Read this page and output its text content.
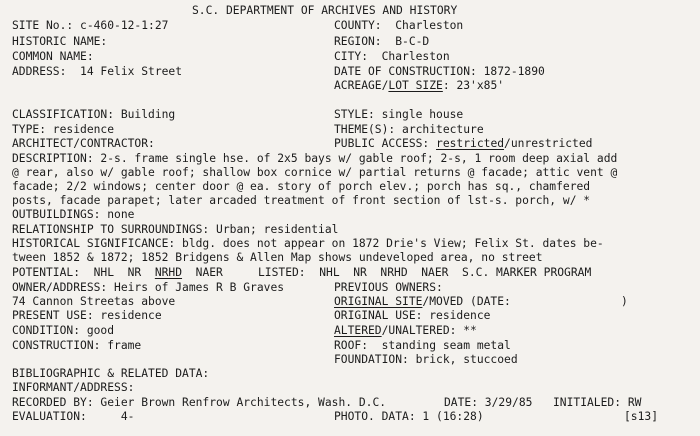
S.C. DEPARTMENT OF ARCHIVES AND HISTORY
SITE No.: c-460-12-1:27
HISTORIC NAME:
COMMON NAME:
ADDRESS:  14 Felix Street
CLASSIFICATION: Building
TYPE: residence
ARCHITECT/CONTRACTOR:
COUNTY:  Charleston
REGION:  B-C-D
CITY:  Charleston
DATE OF CONSTRUCTION: 1872-1890
ACREAGE/LOT SIZE: 23'x85'
STYLE: single house
THEME(S): architecture
PUBLIC ACCESS: restricted/unrestricted
DESCRIPTION: 2-s. frame single hse. of 2x5 bays w/ gable roof; 2-s, 1 room deep axial add
@ rear, also w/ gable roof; shallow box cornice w/ partial returns @ facade; attic vent @
facade; 2/2 windows; center door @ ea. story of porch elev.; porch has sq., chamfered
posts, facade parapet; later arcaded treatment of front section of lst-s. porch, w/ *
OUTBUILDINGS: none
RELATIONSHIP TO SURROUNDINGS: Urban; residential
HISTORICAL SIGNIFICANCE: bldg. does not appear on 1872 Drie's View; Felix St. dates be-
tween 1852 & 1872; 1852 Bridgens & Allen Map shows undeveloped area, no street
POTENTIAL:  NHL  NR  NRHD  NAER	LISTED:  NHL  NR  NRHD  NAER  S.C. MARKER PROGRAM
OWNER/ADDRESS: Heirs of James R B Graves
74 Cannon Streetas above
PRESENT USE: residence
CONDITION: good
CONSTRUCTION: frame
PREVIOUS OWNERS:
ORIGINAL SITE/MOVED (DATE:	)
ORIGINAL USE: residence
ALTERED/UNALTERED: **
ROOF:  standing seam metal
FOUNDATION: brick, stuccoed
BIBLIOGRAPHIC & RELATED DATA:
INFORMANT/ADDRESS:
RECORDED BY: Geier Brown Renfrow Architects, Wash. D.C.	DATE: 3/29/85 INITIALED: RW
EVALUATION:     4-	PHOTO. DATA: 1 (16:28)	[s13]
